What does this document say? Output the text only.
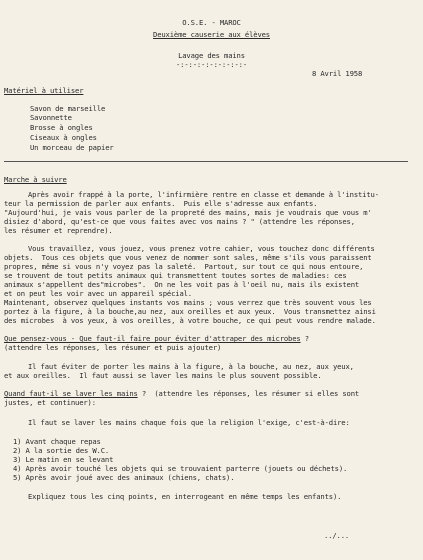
O.S.E. - MAROC
Deuxième causerie aux élèves
Lavage des mains
-:-:-:-:-:-:-:-:-
8 Avril 1958
Matériel à utiliser
Savon de marseille
Savonnette
Brosse à ongles
Ciseaux à ongles
Un morceau de papier
Marche à suivre
Après avoir frappé à la porte, l'infirmière rentre en classe et demande à l'institu-
teur la permission de parler aux enfants.  Puis elle s'adresse aux enfants.
"Aujourd'hui, je vais vous parler de la propreté des mains, mais je voudrais que vous m'
disiez d'abord, qu'est-ce que vous faites avec vos mains ? " (attendre les réponses,
les résumer et reprendre).
Vous travaillez, vous jouez, vous prenez votre cahier, vous touchez donc différents
objets.  Tous ces objets que vous venez de nommer sont sales, même s'ils vous paraissent
propres, même si vous n'y voyez pas la saleté.  Partout, sur tout ce qui nous entoure,
se trouvent de tout petits animaux qui transmettent toutes sortes de maladies: ces
animaux s'appellent des"microbes".  On ne les voit pas à l'oeil nu, mais ils existent
et on peut les voir avec un appareil spécial.
Maintenant, observez quelques instants vos mains ; vous verrez que très souvent vous les
portez à la figure, à la bouche,au nez, aux oreilles et aux yeux.  Vous transmettez ainsi
des microbes  à vos yeux, à vos oreilles, à votre bouche, ce qui peut vous rendre malade.
Que pensez-vous - Que faut-il faire pour éviter d'attraper des microbes ?
(attendre les réponses, les résumer et puis ajouter)
Il faut éviter de porter les mains à la figure, à la bouche, au nez, aux yeux,
et aux oreilles.  Il faut aussi se laver les mains le plus souvent possible.
Quand faut-il se laver les mains ?  (attendre les réponses, les résumer si elles sont
justes, et continuer):
Il faut se laver les mains chaque fois que la religion l'exige, c'est-à-dire:
1) Avant chaque repas
2) A la sortie des W.C.
3) Le matin en se levant
4) Après avoir touché les objets qui se trouvaient parterre (jouets ou déchets).
5) Après avoir joué avec des animaux (chiens, chats).
Expliquez tous les cinq points, en interrogeant en même temps les enfants).
../...
